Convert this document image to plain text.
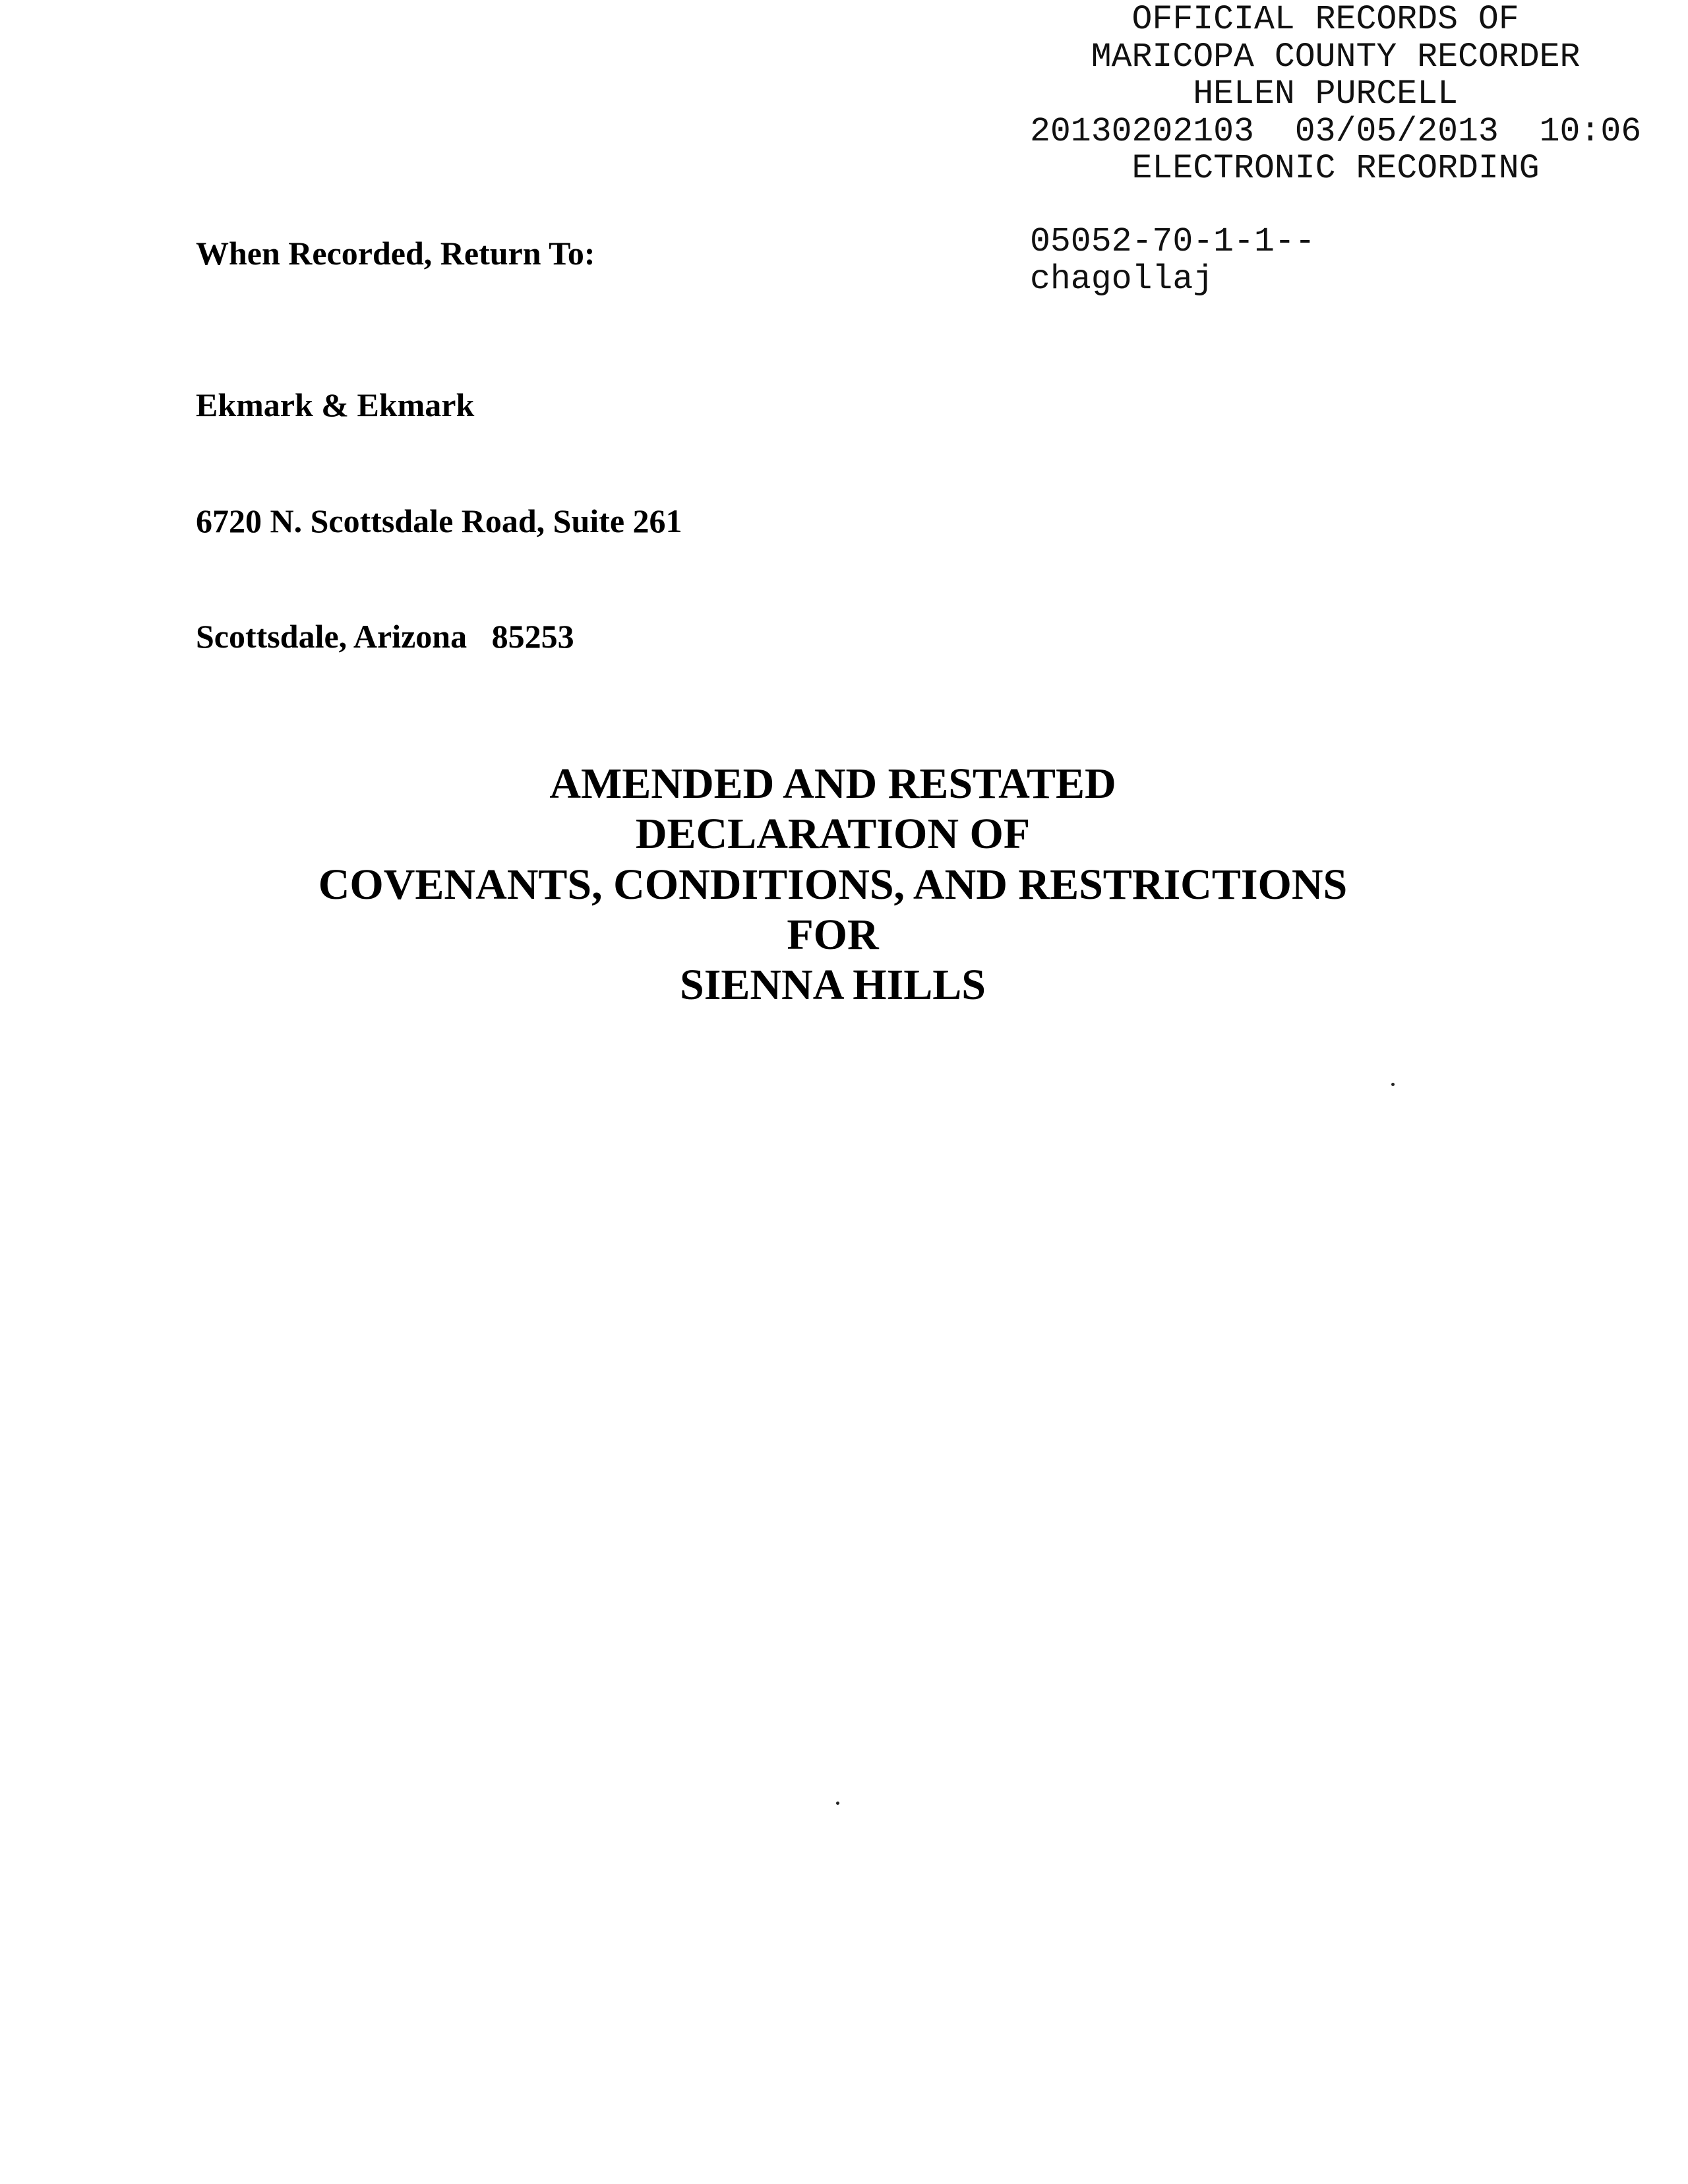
OFFICIAL RECORDS OF
MARICOPA COUNTY RECORDER
HELEN PURCELL
20130202103  03/05/2013  10:06
ELECTRONIC RECORDING
05052-70-1-1--
chagollaj
When Recorded, Return To:

Ekmark & Ekmark

6720 N. Scottsdale Road, Suite 261

Scottsdale, Arizona   85253

AMENDED AND RESTATED
DECLARATION OF
COVENANTS, CONDITIONS, AND RESTRICTIONS
FOR
SIENNA HILLS
